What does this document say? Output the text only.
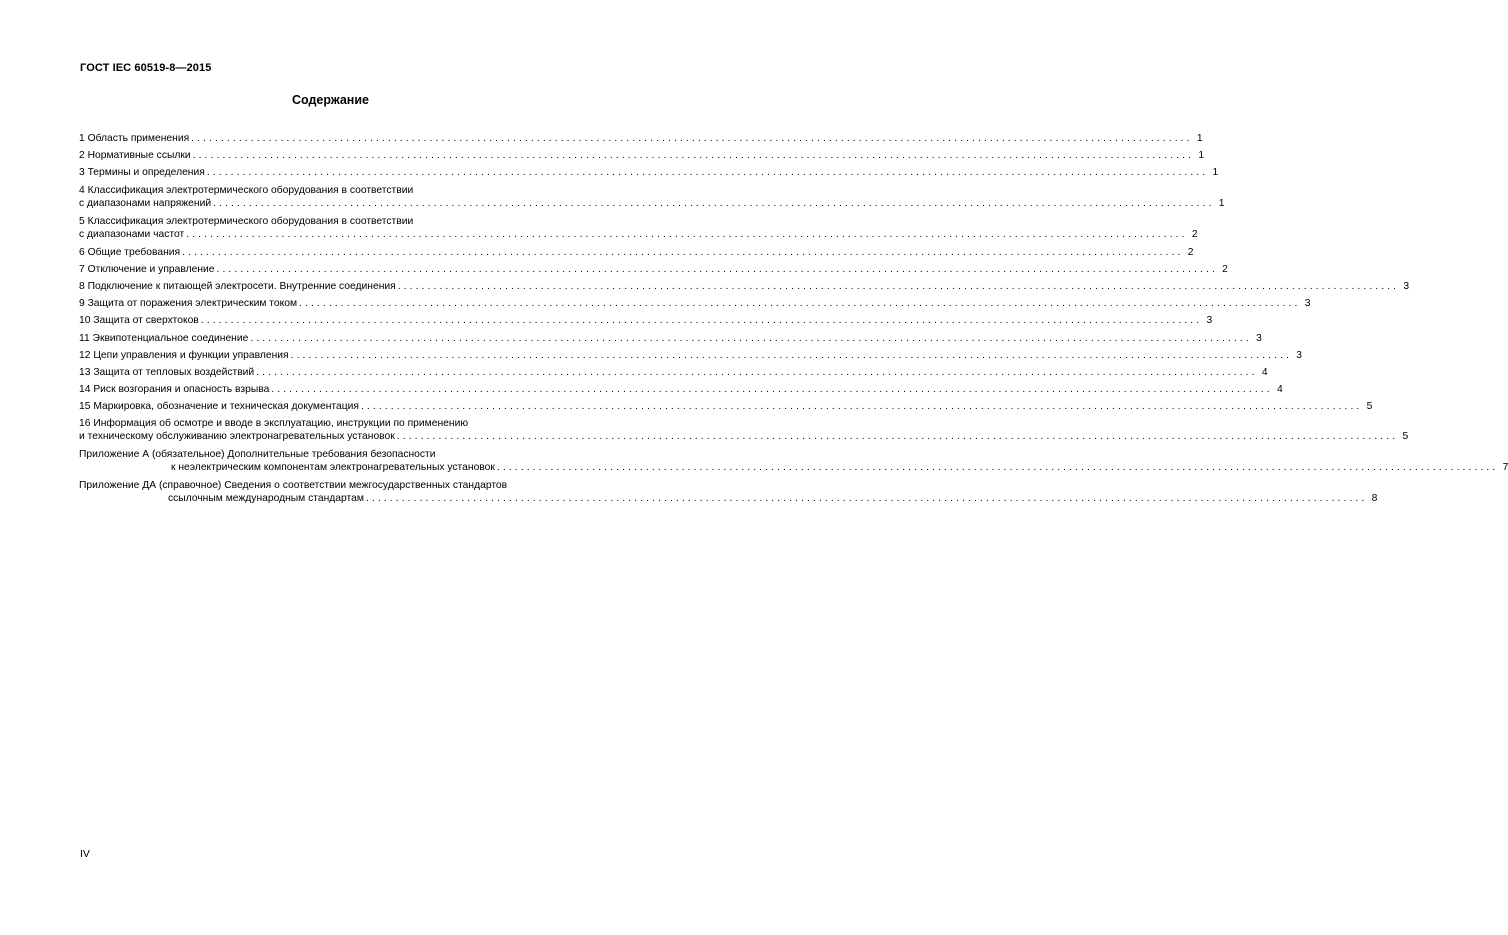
ГОСТ IEC 60519-8—2015
Содержание
1 Область применения ........................................................................................................................................................................ 1
2 Нормативные ссылки ........................................................................................................................................................................ 1
3 Термины и определения ........................................................................................................................................................................ 1
4 Классификация электротермического оборудования в соответствии
с диапазонами напряжений ........................................................................................................................................................................ 1
5 Классификация электротермического оборудования в соответствии
с диапазонами частот ........................................................................................................................................................................ 2
6 Общие требования ........................................................................................................................................................................ 2
7 Отключение и управление ........................................................................................................................................................................ 2
8 Подключение к питающей электросети. Внутренние соединения ........................................................................................................................................................................ 3
9 Защита от поражения электрическим током ........................................................................................................................................................................ 3
10 Защита от сверхтоков ........................................................................................................................................................................ 3
11 Эквипотенциальное соединение ........................................................................................................................................................................ 3
12 Цепи управления и функции управления ........................................................................................................................................................................ 3
13 Защита от тепловых воздействий ........................................................................................................................................................................ 4
14 Риск возгорания и опасность взрыва ........................................................................................................................................................................ 4
15 Маркировка, обозначение и техническая документация ........................................................................................................................................................................ 5
16 Информация об осмотре и вводе в эксплуатацию, инструкции по применению
и техническому обслуживанию электронагревательных установок ........................................................................................................................................................................ 5
Приложение А (обязательное) Дополнительные требования безопасности
к неэлектрическим компонентам электронагревательных установок ........................................................................................................................................................................ 7
Приложение ДА (справочное) Сведения о соответствии межгосударственных стандартов
ссылочным международным стандартам ........................................................................................................................................................................ 8
IV
